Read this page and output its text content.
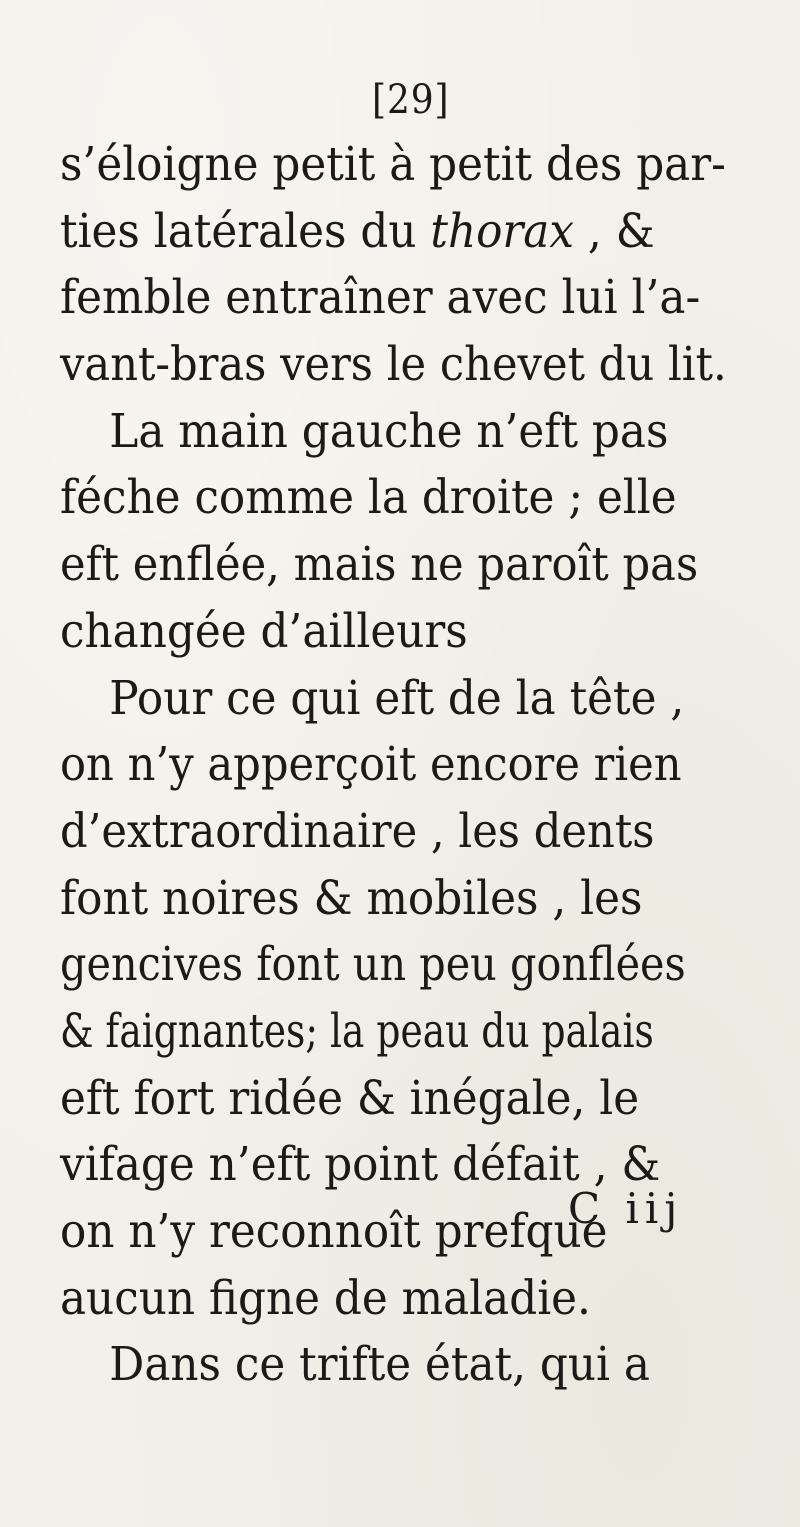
[29]
s’éloigne petit à petit des par-
ties latérales du thorax , &
femble entraîner avec lui l’a-
vant-bras vers le chevet du lit.
La main gauche n’eft pas
féche comme la droite ; elle
eft enflée, mais ne paroît pas
changée d’ailleurs
Pour ce qui eft de la tête ,
on n’y apperçoit encore rien
d’extraordinaire , les dents
font noires & mobiles , les
gencives font un peu gonflées
& faignantes; la peau du palais
eft fort ridée & inégale, le
vifage n’eft point défait , &
on n’y reconnoît prefque
aucun figne de maladie.
Dans ce trifte état, qui a
C iij
